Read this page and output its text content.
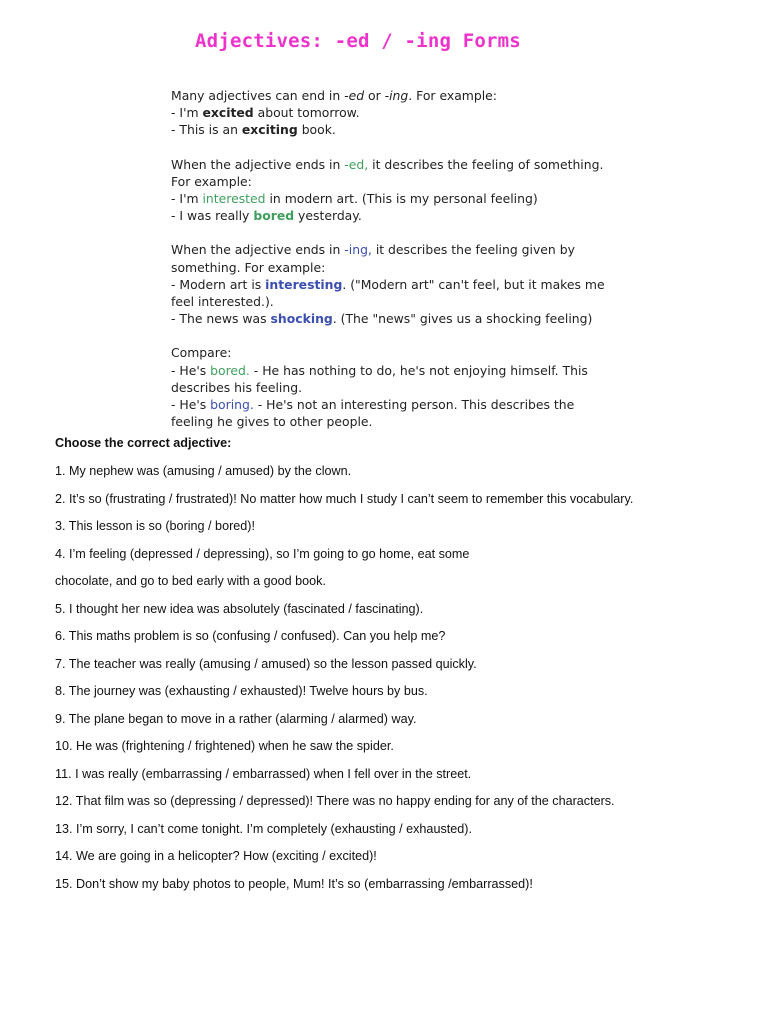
Adjectives: -ed / -ing Forms
Many adjectives can end in -ed or -ing. For example:
- I'm excited about tomorrow.
- This is an exciting book.
When the adjective ends in -ed, it describes the feeling of something.
For example:
- I'm interested in modern art. (This is my personal feeling)
- I was really bored yesterday.
When the adjective ends in -ing, it describes the feeling given by
something. For example:
- Modern art is interesting. ("Modern art" can't feel, but it makes me
feel interested.).
- The news was shocking. (The "news" gives us a shocking feeling)
Compare:
- He's bored. - He has nothing to do, he's not enjoying himself. This
describes his feeling.
- He's boring. - He's not an interesting person. This describes the
feeling he gives to other people.
Choose the correct adjective:
1. My nephew was (amusing / amused) by the clown.
2. It’s so (frustrating / frustrated)! No matter how much I study I can’t seem to remember this vocabulary.
3. This lesson is so (boring / bored)!
4. I’m feeling (depressed / depressing), so I’m going to go home, eat some
chocolate, and go to bed early with a good book.
5. I thought her new idea was absolutely (fascinated / fascinating).
6. This maths problem is so (confusing / confused). Can you help me?
7. The teacher was really (amusing / amused) so the lesson passed quickly.
8. The journey was (exhausting / exhausted)! Twelve hours by bus.
9. The plane began to move in a rather (alarming / alarmed) way.
10. He was (frightening / frightened) when he saw the spider.
11. I was really (embarrassing / embarrassed) when I fell over in the street.
12. That film was so (depressing / depressed)! There was no happy ending for any of the characters.
13. I’m sorry, I can’t come tonight. I’m completely (exhausting / exhausted).
14. We are going in a helicopter? How (exciting / excited)!
15. Don’t show my baby photos to people, Mum! It’s so (embarrassing /embarrassed)!
